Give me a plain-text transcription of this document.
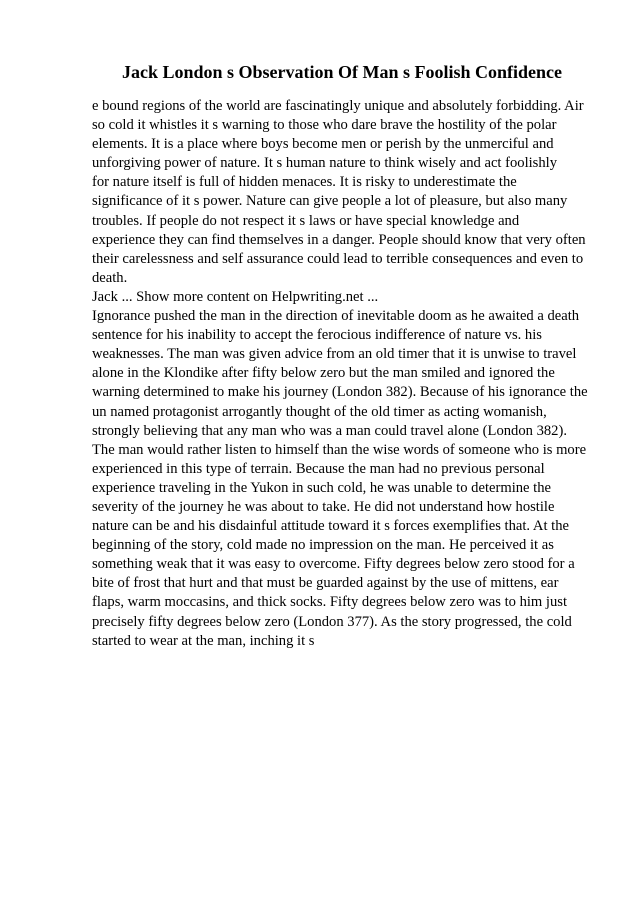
Jack London s Observation Of Man s Foolish Confidence
e bound regions of the world are fascinatingly unique and absolutely forbidding. Air
so cold it whistles it s warning to those who dare brave the hostility of the polar
elements. It is a place where boys become men or perish by the unmerciful and
unforgiving power of nature. It s human nature to think wisely and act foolishly
for nature itself is full of hidden menaces. It is risky to underestimate the
significance of it s power. Nature can give people a lot of pleasure, but also many
troubles. If people do not respect it s laws or have special knowledge and
experience they can find themselves in a danger. People should know that very often
their carelessness and self assurance could lead to terrible consequences and even to
death.
Jack ... Show more content on Helpwriting.net ...
Ignorance pushed the man in the direction of inevitable doom as he awaited a death
sentence for his inability to accept the ferocious indifference of nature vs. his
weaknesses. The man was given advice from an old timer that it is unwise to travel
alone in the Klondike after fifty below zero but the man smiled and ignored the
warning determined to make his journey (London 382). Because of his ignorance the
un named protagonist arrogantly thought of the old timer as acting womanish,
strongly believing that any man who was a man could travel alone (London 382).
The man would rather listen to himself than the wise words of someone who is more
experienced in this type of terrain. Because the man had no previous personal
experience traveling in the Yukon in such cold, he was unable to determine the
severity of the journey he was about to take. He did not understand how hostile
nature can be and his disdainful attitude toward it s forces exemplifies that. At the
beginning of the story, cold made no impression on the man. He perceived it as
something weak that it was easy to overcome. Fifty degrees below zero stood for a
bite of frost that hurt and that must be guarded against by the use of mittens, ear
flaps, warm moccasins, and thick socks. Fifty degrees below zero was to him just
precisely fifty degrees below zero (London 377). As the story progressed, the cold
started to wear at the man, inching it s
